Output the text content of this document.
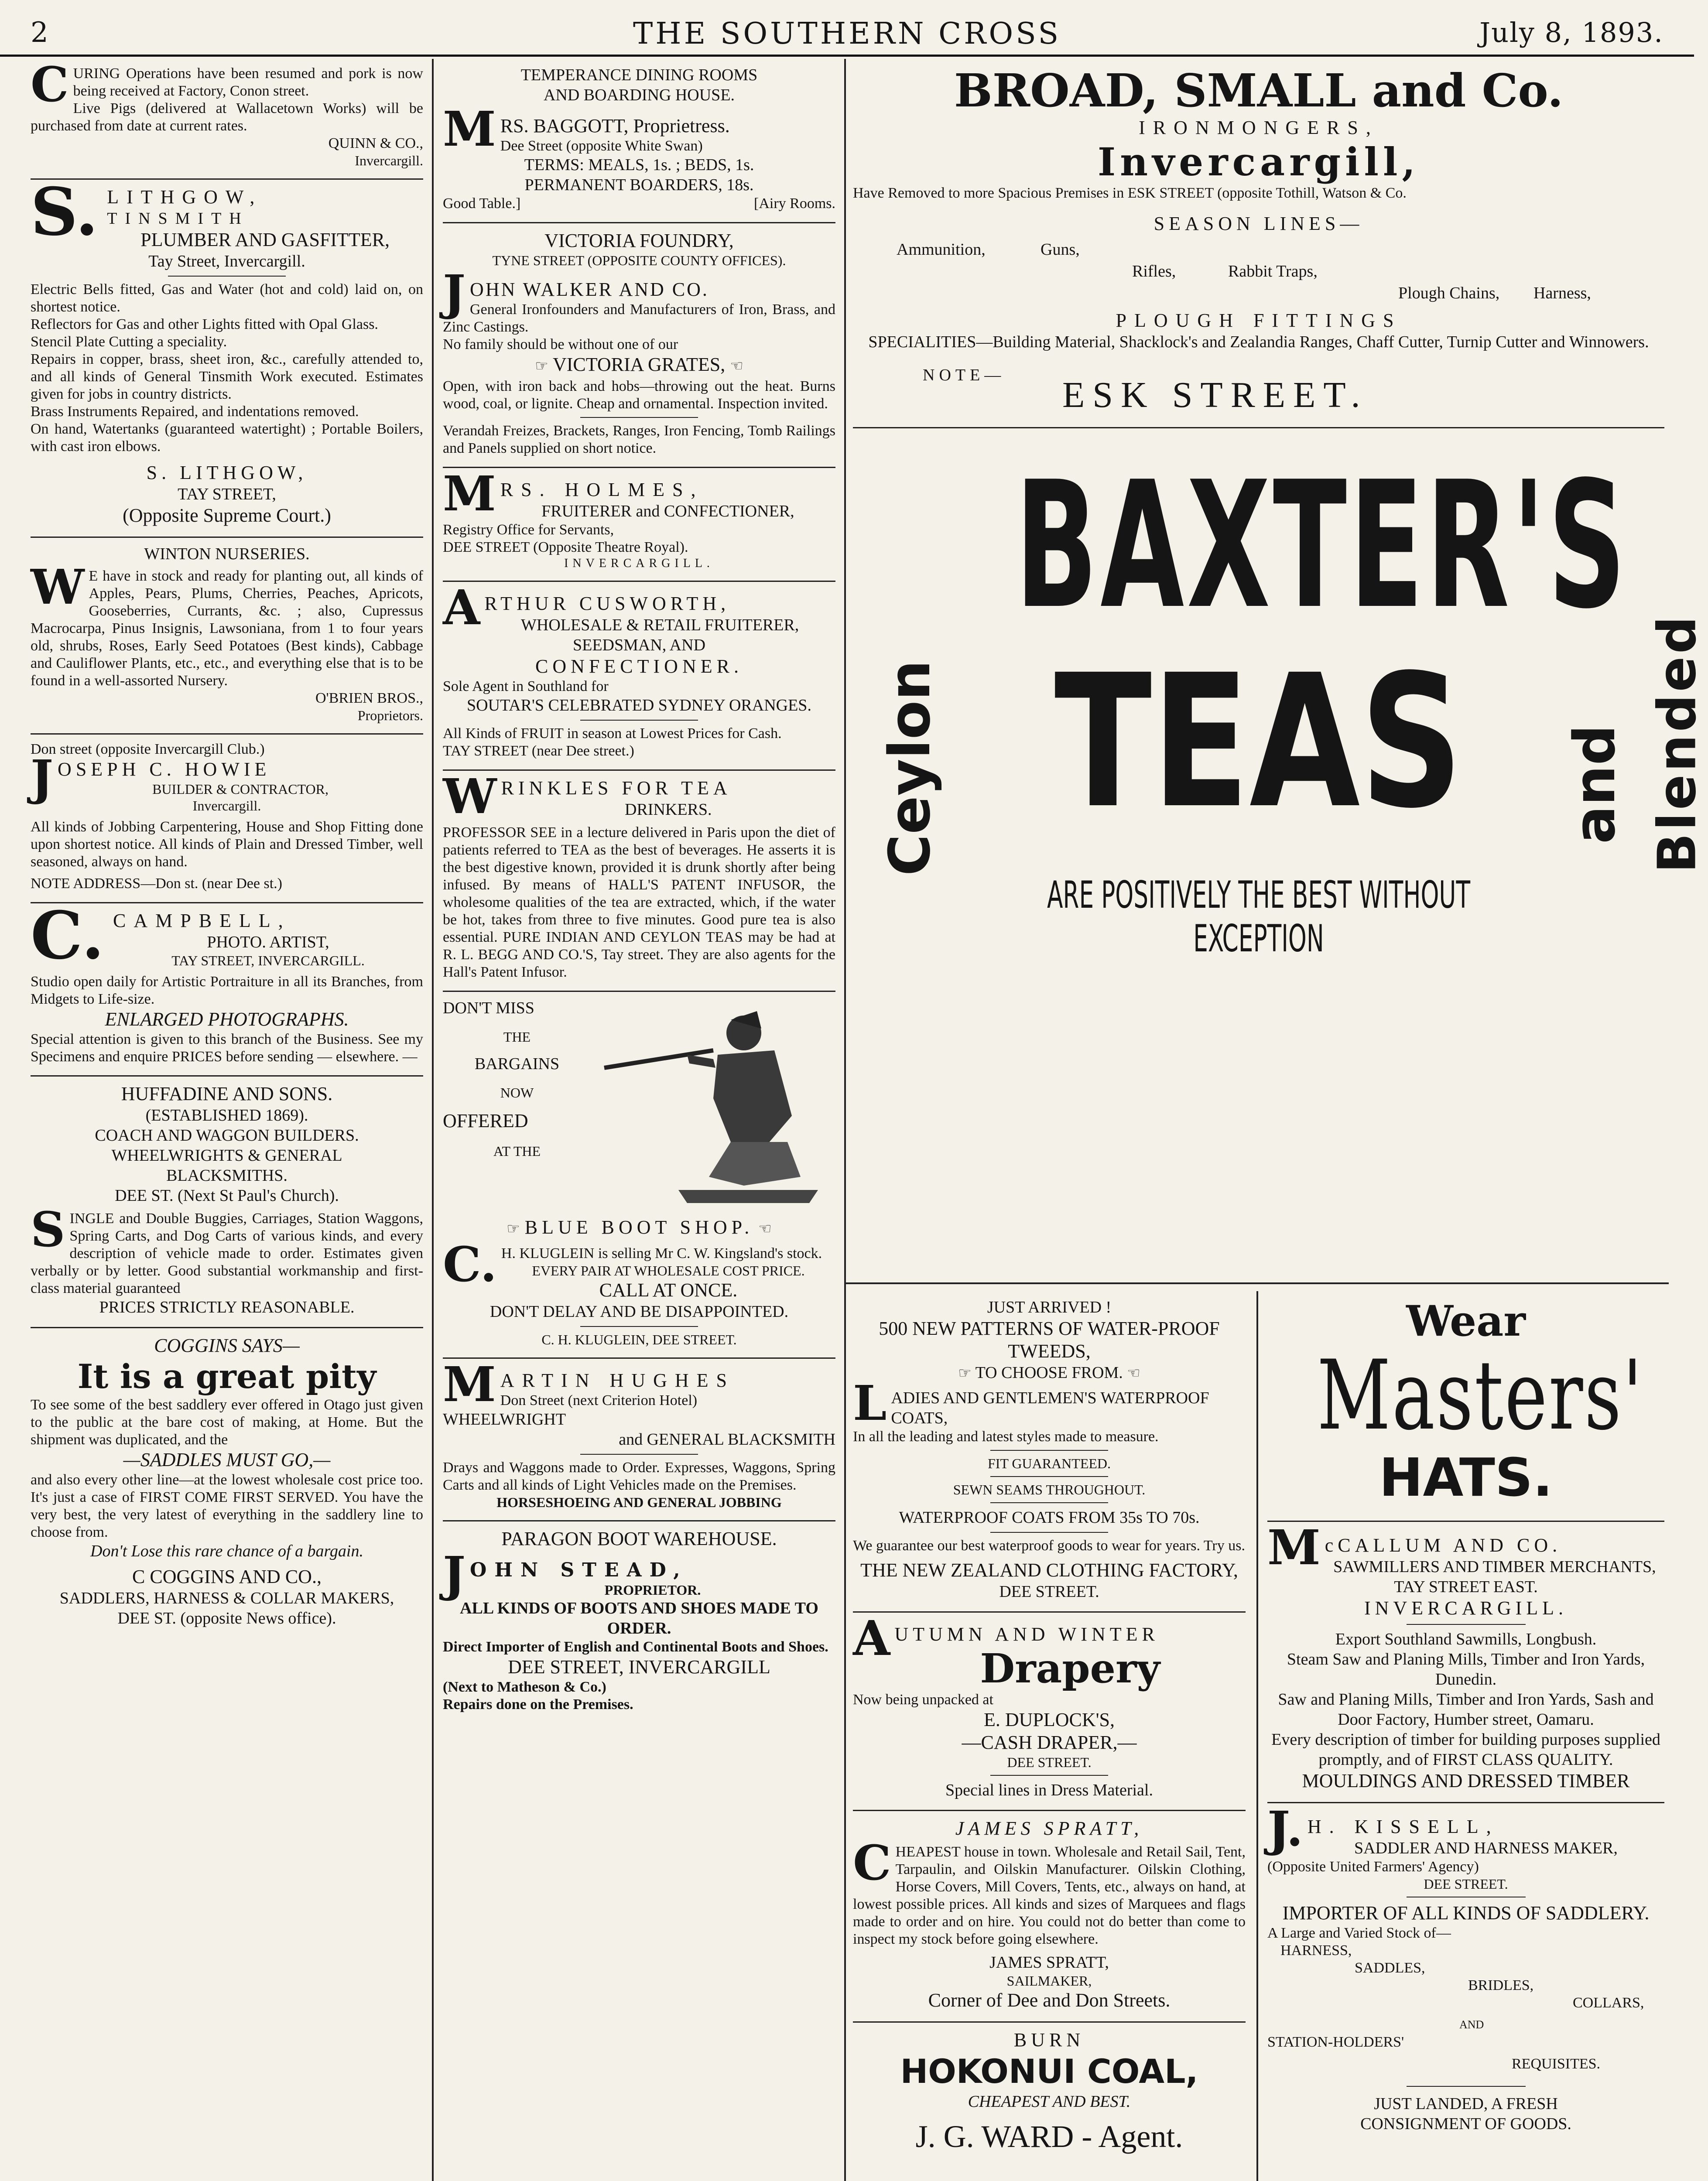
2	THE SOUTHERN CROSS	July 8, 1893.
CURING Operations have been resumed and pork is now being received at Factory, Conon street.
Live Pigs (delivered at Wallacetown Works) will be purchased from date at current rates.
QUINN & CO.,
Invercargill.
S. LITHGOW,
TINSMITH
PLUMBER AND GASFITTER,
Tay Street, Invercargill.
Electric Bells fitted, Gas and Water (hot and cold) laid on, on shortest notice.
Reflectors for Gas and other Lights fitted with Opal Glass.
Stencil Plate Cutting a speciality.
Repairs in copper, brass, sheet iron, &c., carefully attended to, and all kinds of General Tinsmith Work executed. Estimates given for jobs in country districts.
Brass Instruments Repaired, and indentations removed.
On hand, Watertanks (guaranteed watertight) ; Portable Boilers, with cast iron elbows.
S. LITHGOW,
TAY STREET,
(Opposite Supreme Court.)
WINTON NURSERIES.
W E have in stock and ready for planting out, all kinds of Apples, Pears, Plums, Cherries, Peaches, Apricots, Gooseberries, Currants, &c. ; also, Cupressus Macrocarpa, Pinus Insignis, Lawsoniana, from 1 to four years old, shrubs, Roses, Early Seed Potatoes (Best kinds), Cabbage and Cauliflower Plants, etc., etc., and everything else that is to be found in a well-assorted Nursery.
O'BRIEN BROS.,
Proprietors.
Don street (opposite Invercargill Club.)
J OSEPH C. HOWIE
BUILDER & CONTRACTOR,
Invercargill.
All kinds of Jobbing Carpentering, House and Shop Fitting done upon shortest notice. All kinds of Plain and Dressed Timber, well seasoned, always on hand.
NOTE ADDRESS—Don st. (near Dee st.)
C. CAMPBELL,
PHOTO. ARTIST,
TAY STREET, INVERCARGILL.
Studio open daily for Artistic Portraiture in all its Branches, from Midgets to Life-size.
ENLARGED PHOTOGRAPHS.
Special attention is given to this branch of the Business. See my Specimens and enquire PRICES before sending — elsewhere. —
HUFFADINE AND SONS.
(ESTABLISHED 1869).
COACH AND WAGGON BUILDERS.
WHEELWRIGHTS & GENERAL
BLACKSMITHS.
DEE ST. (Next St Paul's Church).
SINGLE and Double Buggies, Carriages, Station Waggons, Spring Carts, and Dog Carts of various kinds, and every description of vehicle made to order. Estimates given verbally or by letter. Good substantial workmanship and first-class material guaranteed
PRICES STRICTLY REASONABLE.
COGGINS SAYS—
It is a great pity
To see some of the best saddlery ever offered in Otago just given to the public at the bare cost of making, at Home. But the shipment was duplicated, and the
—SADDLES MUST GO,—
and also every other line—at the lowest wholesale cost price too. It's just a case of FIRST COME FIRST SERVED. You have the very best, the very latest of everything in the saddlery line to choose from.
Don't Lose this rare chance of a bargain.
C COGGINS AND CO.,
SADDLERS, HARNESS & COLLAR MAKERS,
DEE ST. (opposite News office).
TEMPERANCE DINING ROOMS
AND BOARDING HOUSE.
M RS. BAGGOTT, Proprietress.
Dee Street (opposite White Swan)
TERMS: MEALS, 1s. ; BEDS, 1s.
PERMANENT BOARDERS, 18s.
Good Table.]	[Airy Rooms.
VICTORIA FOUNDRY,
TYNE STREET (OPPOSITE COUNTY OFFICES).
J OHN WALKER AND CO.
General Ironfounders and Manufacturers of Iron, Brass, and Zinc Castings.
No family should be without one of our
☞ VICTORIA GRATES, ☜
Open, with iron back and hobs—throwing out the heat. Burns wood, coal, or lignite. Cheap and ornamental. Inspection invited.
Verandah Freizes, Brackets, Ranges, Iron Fencing, Tomb Railings and Panels supplied on short notice.
M RS. HOLMES,
FRUITERER and CONFECTIONER,
Registry Office for Servants,
DEE STREET (Opposite Theatre Royal).
INVERCARGILL.
A RTHUR CUSWORTH,
WHOLESALE & RETAIL FRUITERER,
SEEDSMAN, AND
CONFECTIONER.
Sole Agent in Southland for
SOUTAR'S CELEBRATED SYDNEY ORANGES.
All Kinds of FRUIT in season at Lowest Prices for Cash.
TAY STREET (near Dee street.)
W RINKLES FOR TEA
DRINKERS.
PROFESSOR SEE in a lecture delivered in Paris upon the diet of patients referred to TEA as the best of beverages. He asserts it is the best digestive known, provided it is drunk shortly after being infused. By means of HALL'S PATENT INFUSOR, the wholesome qualities of the tea are extracted, which, if the water be hot, takes from three to five minutes. Good pure tea is also essential. PURE INDIAN AND CEYLON TEAS may be had at R. L. BEGG AND CO.'S, Tay street. They are also agents for the Hall's Patent Infusor.
DON'T MISS
THE
BARGAINS
NOW
OFFERED
AT THE
☞ BLUE BOOT SHOP. ☜
C. H. KLUGLEIN is selling Mr C. W. Kingsland's stock.
EVERY PAIR AT WHOLESALE COST PRICE.
CALL AT ONCE.
DON'T DELAY AND BE DISAPPOINTED.
C. H. KLUGLEIN, DEE STREET.
M ARTIN HUGHES
Don Street (next Criterion Hotel)
WHEELWRIGHT
and GENERAL BLACKSMITH
Drays and Waggons made to Order. Expresses, Waggons, Spring Carts and all kinds of Light Vehicles made on the Premises.
HORSESHOEING AND GENERAL JOBBING
PARAGON BOOT WAREHOUSE.
J OHN STEAD,
PROPRIETOR.
ALL KINDS OF BOOTS AND SHOES MADE TO ORDER.
Direct Importer of English and Continental Boots and Shoes.
DEE STREET, INVERCARGILL
(Next to Matheson & Co.)
Repairs done on the Premises.
BROAD, SMALL and Co.
IRONMONGERS,
Invercargill,
Have Removed to more Spacious Premises in ESK STREET (opposite Tothill, Watson & Co.
SEASON LINES—
Ammunition,	Guns,
Rifles,	Rabbit Traps,
Plough Chains, Harness,
PLOUGH FITTINGS
SPECIALITIES—Building Material, Shacklock's and Zealandia Ranges, Chaff Cutter, Turnip Cutter and Winnowers.
NOTE— ESK STREET.
BAXTER'S
Ceylon TEAS and Blended
ARE POSITIVELY THE BEST WITHOUT EXCEPTION
JUST ARRIVED !
500 NEW PATTERNS OF WATER-PROOF TWEEDS,
☞ TO CHOOSE FROM. ☜
L ADIES AND GENTLEMEN'S WATERPROOF COATS,
In all the leading and latest styles made to measure.
FIT GUARANTEED.
SEWN SEAMS THROUGHOUT.
WATERPROOF COATS FROM 35s TO 70s.
We guarantee our best waterproof goods to wear for years. Try us.
THE NEW ZEALAND CLOTHING FACTORY,
DEE STREET.
A UTUMN AND WINTER
Drapery
Now being unpacked at
E. DUPLOCK'S,
—CASH DRAPER,—
DEE STREET.
Special lines in Dress Material.
JAMES SPRATT,
CHEAPEST house in town. Wholesale and Retail Sail, Tent, Tarpaulin, and Oilskin Manufacturer. Oilskin Clothing, Horse Covers, Mill Covers, Tents, etc., always on hand, at lowest possible prices. All kinds and sizes of Marquees and flags made to order and on hire. You could not do better than come to inspect my stock before going elsewhere.
JAMES SPRATT,
SAILMAKER,
Corner of Dee and Don Streets.
BURN
HOKONUI COAL,
CHEAPEST AND BEST.
J. G. WARD - Agent.
Wear
Masters'
HATS.
M cCALLUM AND CO.
SAWMILLERS AND TIMBER MERCHANTS,
TAY STREET EAST.
INVERCARGILL.
Export Southland Sawmills, Longbush.
Steam Saw and Planing Mills, Timber and Iron Yards, Dunedin.
Saw and Planing Mills, Timber and Iron Yards, Sash and Door Factory, Humber street, Oamaru.
Every description of timber for building purposes supplied promptly, and of FIRST CLASS QUALITY.
MOULDINGS AND DRESSED TIMBER
J. H. KISSELL,
SADDLER AND HARNESS MAKER,
(Opposite United Farmers' Agency)
DEE STREET.
IMPORTER OF ALL KINDS OF SADDLERY.
A Large and Varied Stock of—
HARNESS,
SADDLES,
BRIDLES,
COLLARS,
AND
STATION-HOLDERS'
REQUISITES.
JUST LANDED, A FRESH
CONSIGNMENT OF GOODS.
